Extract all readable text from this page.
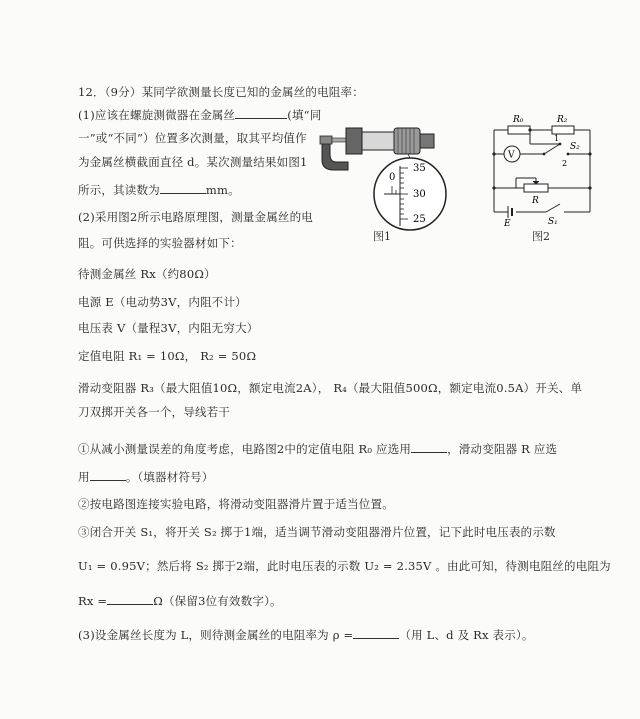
12．（9分）某同学欲测量长度已知的金属丝的电阻率：
(1)应该在螺旋测微器在金属丝	(填“同
一”或“不同”）位置多次测量，取其平均值作
为金属丝横截面直径 d。某次测量结果如图1
所示，其读数为	mm。
(2)采用图2所示电路原理图，测量金属丝的电
阻。可供选择的实验器材如下：
待测金属丝 Rx（约80Ω）
电源 E（电动势3V，内阻不计）
电压表 V（量程3V，内阻无穷大）
定值电阻 R₁ = 10Ω， R₂ = 50Ω
滑动变阻器 R₃（最大阻值10Ω，额定电流2A）， R₄（最大阻值500Ω，额定电流0.5A）开关、单
刀双掷开关各一个，导线若干
①从减小测量误差的角度考虑，电路图2中的定值电阻 R₀ 应选用	，滑动变阻器 R 应选
用	。（填器材符号）
②按电路图连接实验电路，将滑动变阻器滑片置于适当位置。
③闭合开关 S₁，将开关 S₂ 掷于1端，适当调节滑动变阻器滑片位置，记下此时电压表的示数
U₁ = 0.95V；然后将 S₂ 掷于2端，此时电压表的示数 U₂ = 2.35V 。由此可知，待测电阻丝的电阻为
Rx =	Ω（保留3位有效数字）。
(3)设金属丝长度为 L，则待测金属丝的电阻率为 ρ =	（用 L、d 及 Rx 表示）。
0
35
30
25
图1
R₀	R₂
V
1
S₂
2
R
E	S₁
图2
